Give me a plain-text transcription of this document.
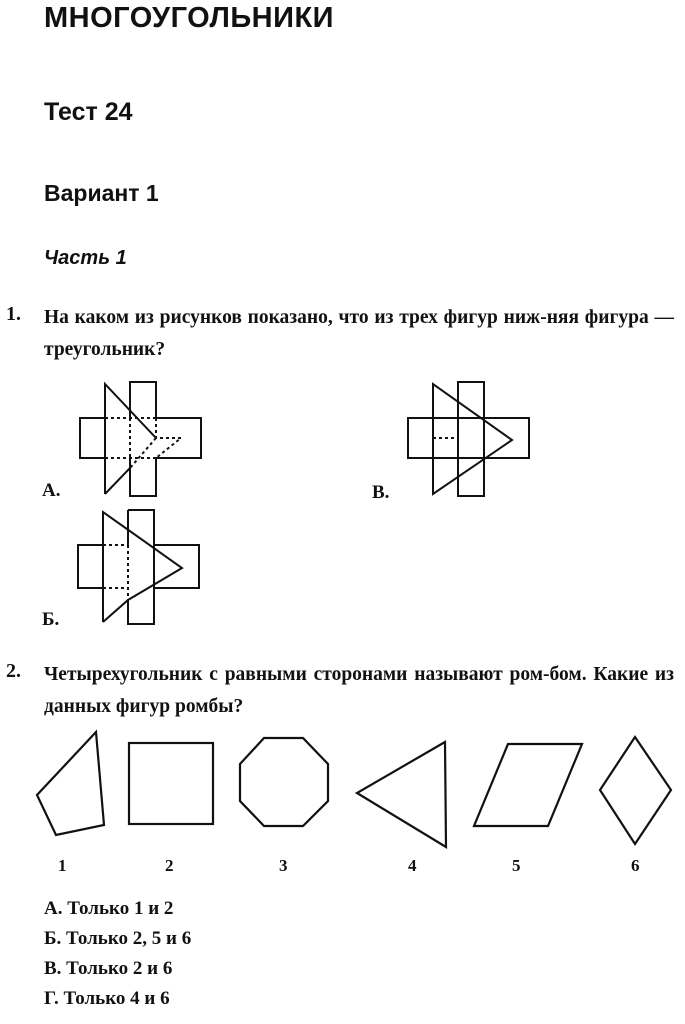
МНОГОУГОЛЬНИКИ
Тест 24
Вариант 1
Часть 1
1. На каком из рисунков показано, что из трех фигур ниж-няя фигура — треугольник?
А.	В.
Б.
2. Четырехугольник с равными сторонами называют ром-бом. Какие из данных фигур ромбы?
1	2	3	4	5	6
А. Только 1 и 2
Б. Только 2, 5 и 6
В. Только 2 и 6
Г. Только 4 и 6
